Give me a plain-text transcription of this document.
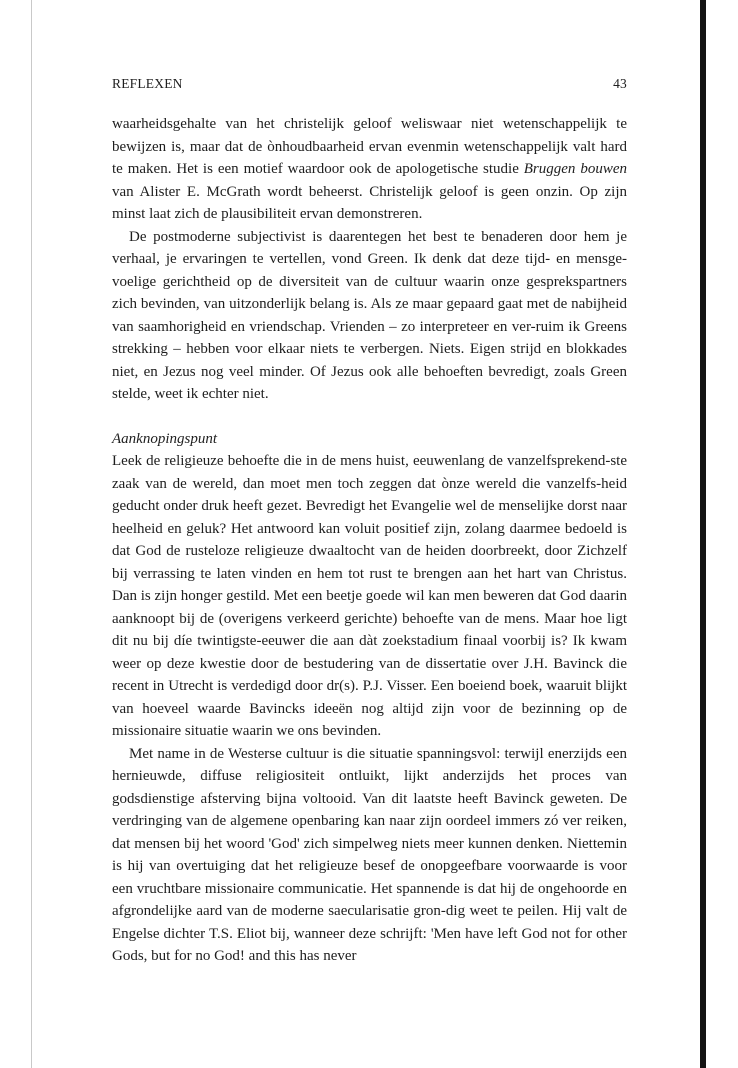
REFLEXEN	43

waarheidsgehalte van het christelijk geloof weliswaar niet wetenschappelijk te bewijzen is, maar dat de ònhoudbaarheid ervan evenmin wetenschappelijk valt hard te maken. Het is een motief waardoor ook de apologetische studie Bruggen bouwen van Alister E. McGrath wordt beheerst. Christelijk geloof is geen onzin. Op zijn minst laat zich de plausibiliteit ervan demonstreren.

De postmoderne subjectivist is daarentegen het best te benaderen door hem je verhaal, je ervaringen te vertellen, vond Green. Ik denk dat deze tijd- en mensge-voelige gerichtheid op de diversiteit van de cultuur waarin onze gesprekspartners zich bevinden, van uitzonderlijk belang is. Als ze maar gepaard gaat met de nabijheid van saamhorigheid en vriendschap. Vrienden – zo interpreteer en ver-ruim ik Greens strekking – hebben voor elkaar niets te verbergen. Niets. Eigen strijd en blokkades niet, en Jezus nog veel minder. Of Jezus ook alle behoeften bevredigt, zoals Green stelde, weet ik echter niet.

Aanknopingspunt

Leek de religieuze behoefte die in de mens huist, eeuwenlang de vanzelfsprekend-ste zaak van de wereld, dan moet men toch zeggen dat ònze wereld die vanzelfs-heid geducht onder druk heeft gezet. Bevredigt het Evangelie wel de menselijke dorst naar heelheid en geluk? Het antwoord kan voluit positief zijn, zolang daarmee bedoeld is dat God de rusteloze religieuze dwaaltocht van de heiden doorbreekt, door Zichzelf bij verrassing te laten vinden en hem tot rust te brengen aan het hart van Christus. Dan is zijn honger gestild. Met een beetje goede wil kan men beweren dat God daarin aanknoopt bij de (overigens verkeerd gerichte) behoefte van de mens. Maar hoe ligt dit nu bij díe twintigste-eeuwer die aan dàt zoekstadium finaal voorbij is? Ik kwam weer op deze kwestie door de bestudering van de dissertatie over J.H. Bavinck die recent in Utrecht is verdedigd door dr(s). P.J. Visser. Een boeiend boek, waaruit blijkt van hoeveel waarde Bavincks ideeën nog altijd zijn voor de bezinning op de missionaire situatie waarin we ons bevinden.

Met name in de Westerse cultuur is die situatie spanningsvol: terwijl enerzijds een hernieuwde, diffuse religiositeit ontluikt, lijkt anderzijds het proces van godsdienstige afsterving bijna voltooid. Van dit laatste heeft Bavinck geweten. De verdringing van de algemene openbaring kan naar zijn oordeel immers zó ver reiken, dat mensen bij het woord 'God' zich simpelweg niets meer kunnen denken. Niettemin is hij van overtuiging dat het religieuze besef de onopgeefbare voorwaarde is voor een vruchtbare missionaire communicatie. Het spannende is dat hij de ongehoorde en afgrondelijke aard van de moderne saecularisatie gron-dig weet te peilen. Hij valt de Engelse dichter T.S. Eliot bij, wanneer deze schrijft: 'Men have left God not for other Gods, but for no God! and this has never
